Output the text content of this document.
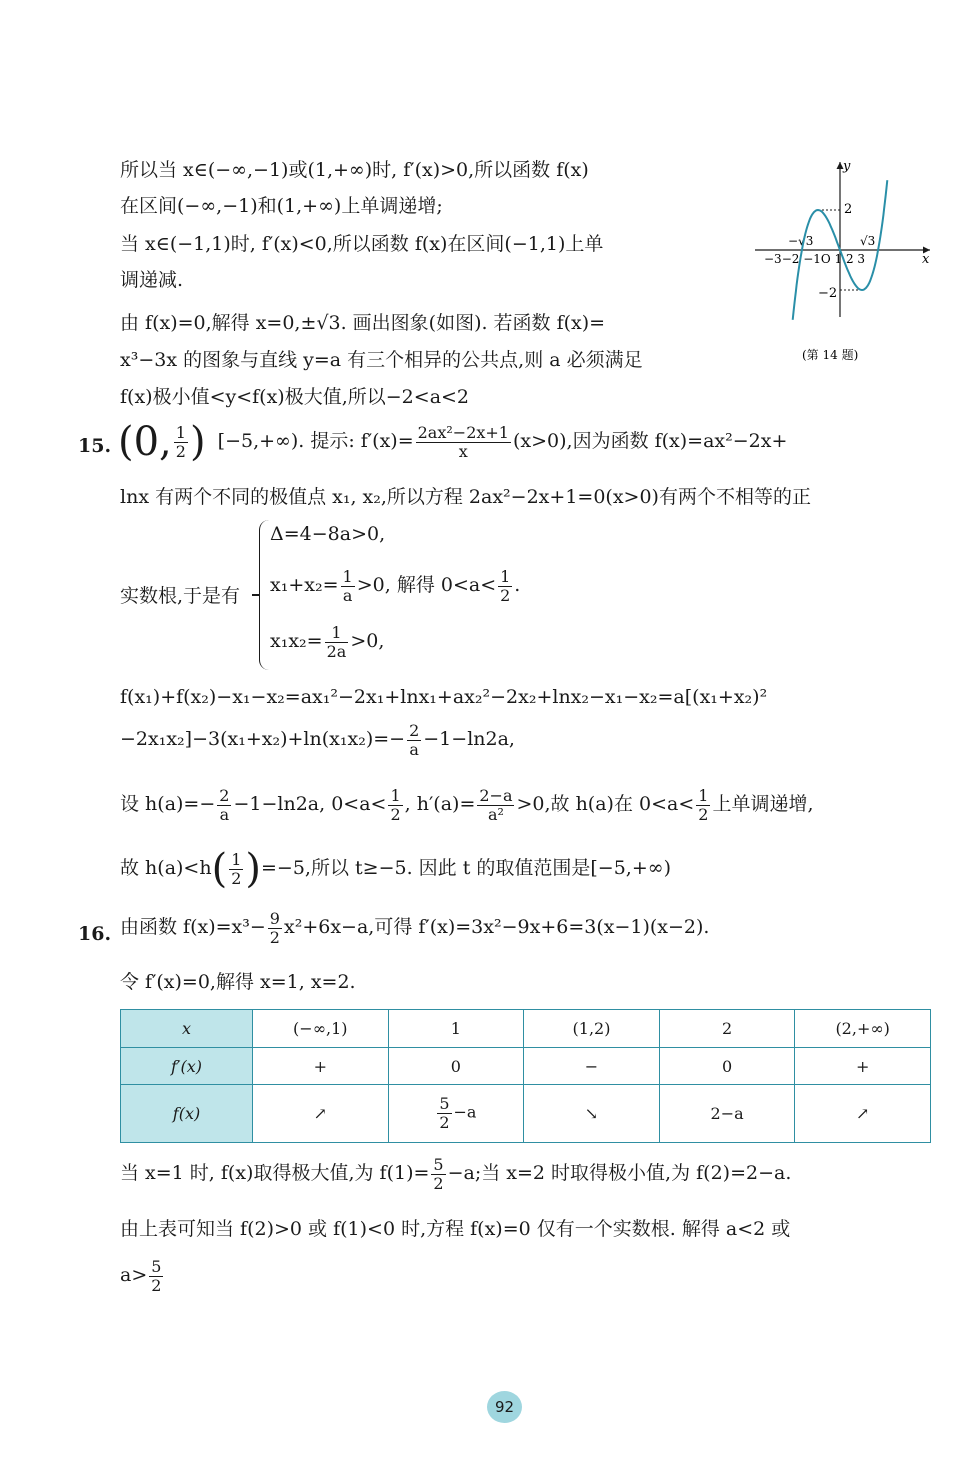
所以当 x∈(−∞,−1)或(1,+∞)时, f′(x)>0,所以函数 f(x)
在区间(−∞,−1)和(1,+∞)上单调递增;
当 x∈(−1,1)时, f′(x)<0,所以函数 f(x)在区间(−1,1)上单
调递减.
由 f(x)=0,解得 x=0,±√3. 画出图象(如图). 若函数 f(x)=
x³−3x 的图象与直线 y=a 有三个相异的公共点,则 a 必须满足
f(x)极小值<y<f(x)极大值,所以−2<a<2
y
x
2
−2
−√3	√3
−3−2 −1O 1 2 3
(第 14 题)
15. (0, $\frac{1}{2}$ ) [−5,+∞). 提示: $f'(x)= \frac{\text{2ax²−2x+1}}{x} (x>0)$,因为函数 f(x)=ax²−2x+
lnx 有两个不同的极值点 x₁, x₂,所以方程 2ax²−2x+1=0(x>0)有两个不相等的正
实数根,于是有
Δ=4−8a>0,
$x_1+x_2= \frac{1}{a} >0$, 解得 $0<a< \frac{1}{2}$ .
$x_1x_2= \frac{1}{2a} >0$,
f(x₁)+f(x₂)−x₁−x₂=ax₁²−2x₁+lnx₁+ax₂²−2x₂+lnx₂−x₁−x₂=a[(x₁+x₂)²
$-2x_1x_2]-3(x_1+x_2)+\ln(x_1x_2)=- \frac{2}{a} -1-\ln 2a$,
设 $h(a)=- \frac{2}{a} -1-\ln 2a$, $0<a< \frac{1}{2}$ , $h'(a)= \frac{2-a}{\text{a²}} >0$,故 h(a)在 $0<a< \frac{1}{2}$ 上单调递增,
故 $h(a)<h( \frac{1}{2} )=-5$,所以 t≥−5. 因此 t 的取值范围是[−5,+∞)
16. 由函数 $f(x)=x^3- \frac{9}{2} x^2+6x-a$,可得 f′(x)=3x²−9x+6=3(x−1)(x−2).
令 f′(x)=0,解得 x=1, x=2.
x	(−∞,1)	1	(1,2)	2	(2,+∞)
f′(x)	+	0	−	0	+
f(x)	↗	$\frac{5}{2} -a$	↘	2−a	↗
当 x=1 时, f(x)取得极大值,为 $f(1)= \frac{5}{2} -a$;当 x=2 时取得极小值,为 f(2)=2−a.
由上表可知当 f(2)>0 或 f(1)<0 时,方程 f(x)=0 仅有一个实数根. 解得 a<2 或
$a> \frac{5}{2}$
92
